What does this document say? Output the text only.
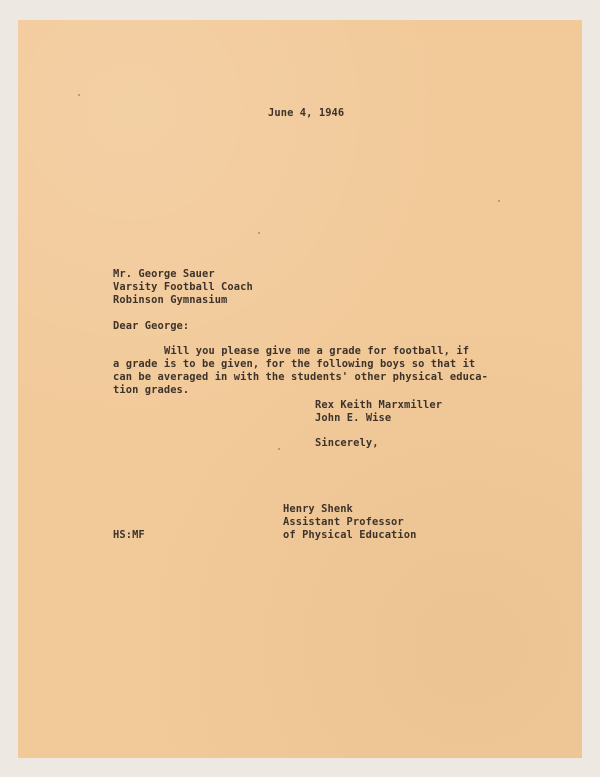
June 4, 1946
Mr. George Sauer
Varsity Football Coach
Robinson Gymnasium
Dear George:
Will you please give me a grade for football, if
a grade is to be given, for the following boys so that it
can be averaged in with the students' other physical educa-
tion grades.
Rex Keith Marxmiller
John E. Wise
Sincerely,
Henry Shenk
Assistant Professor
of Physical Education
HS:MF
